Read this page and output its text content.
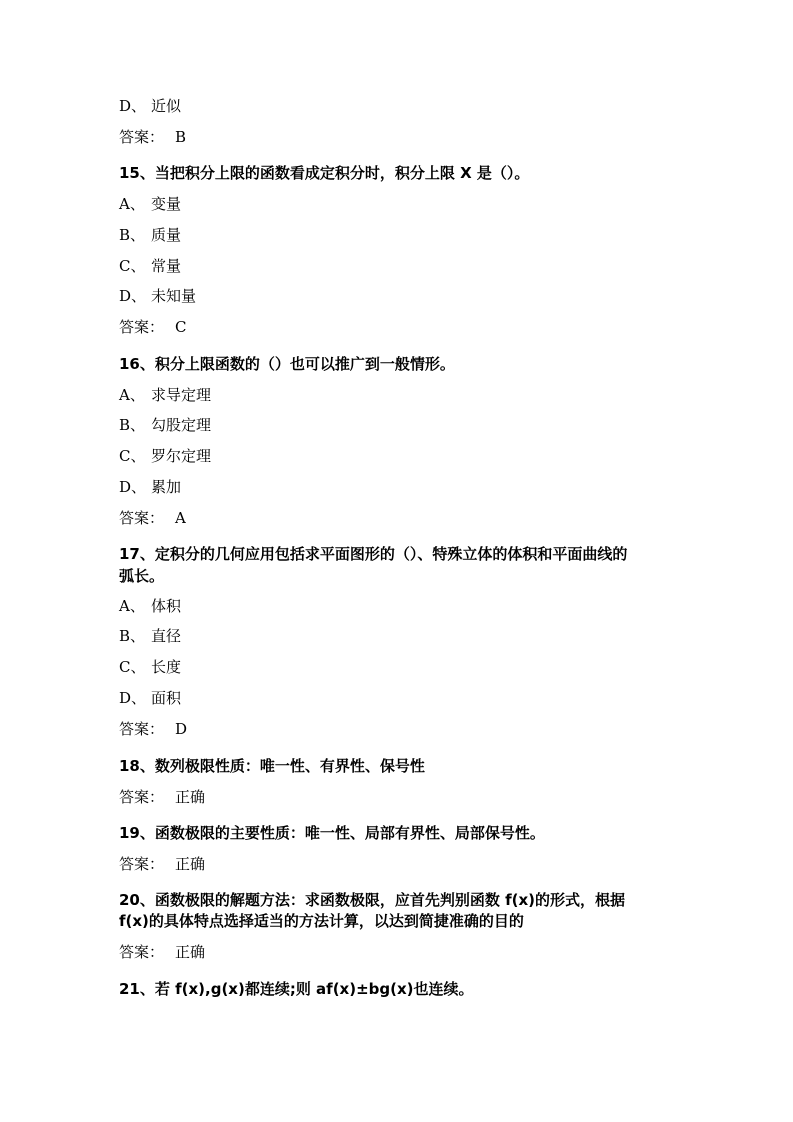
D、 近似
答案： B
15、当把积分上限的函数看成定积分时，积分上限 X 是（）。
A、 变量
B、 质量
C、 常量
D、 未知量
答案： C
16、积分上限函数的（）也可以推广到一般情形。
A、 求导定理
B、 勾股定理
C、 罗尔定理
D、 累加
答案： A
17、定积分的几何应用包括求平面图形的（）、特殊立体的体积和平面曲线的
弧长。
A、 体积
B、 直径
C、 长度
D、 面积
答案： D
18、数列极限性质：唯一性、有界性、保号性
答案： 正确
19、函数极限的主要性质：唯一性、局部有界性、局部保号性。
答案： 正确
20、函数极限的解题方法：求函数极限，应首先判别函数 f(x)的形式，根据
f(x)的具体特点选择适当的方法计算，以达到简捷准确的目的
答案： 正确
21、若 f(x),g(x)都连续;则 af(x)±bg(x)也连续。
